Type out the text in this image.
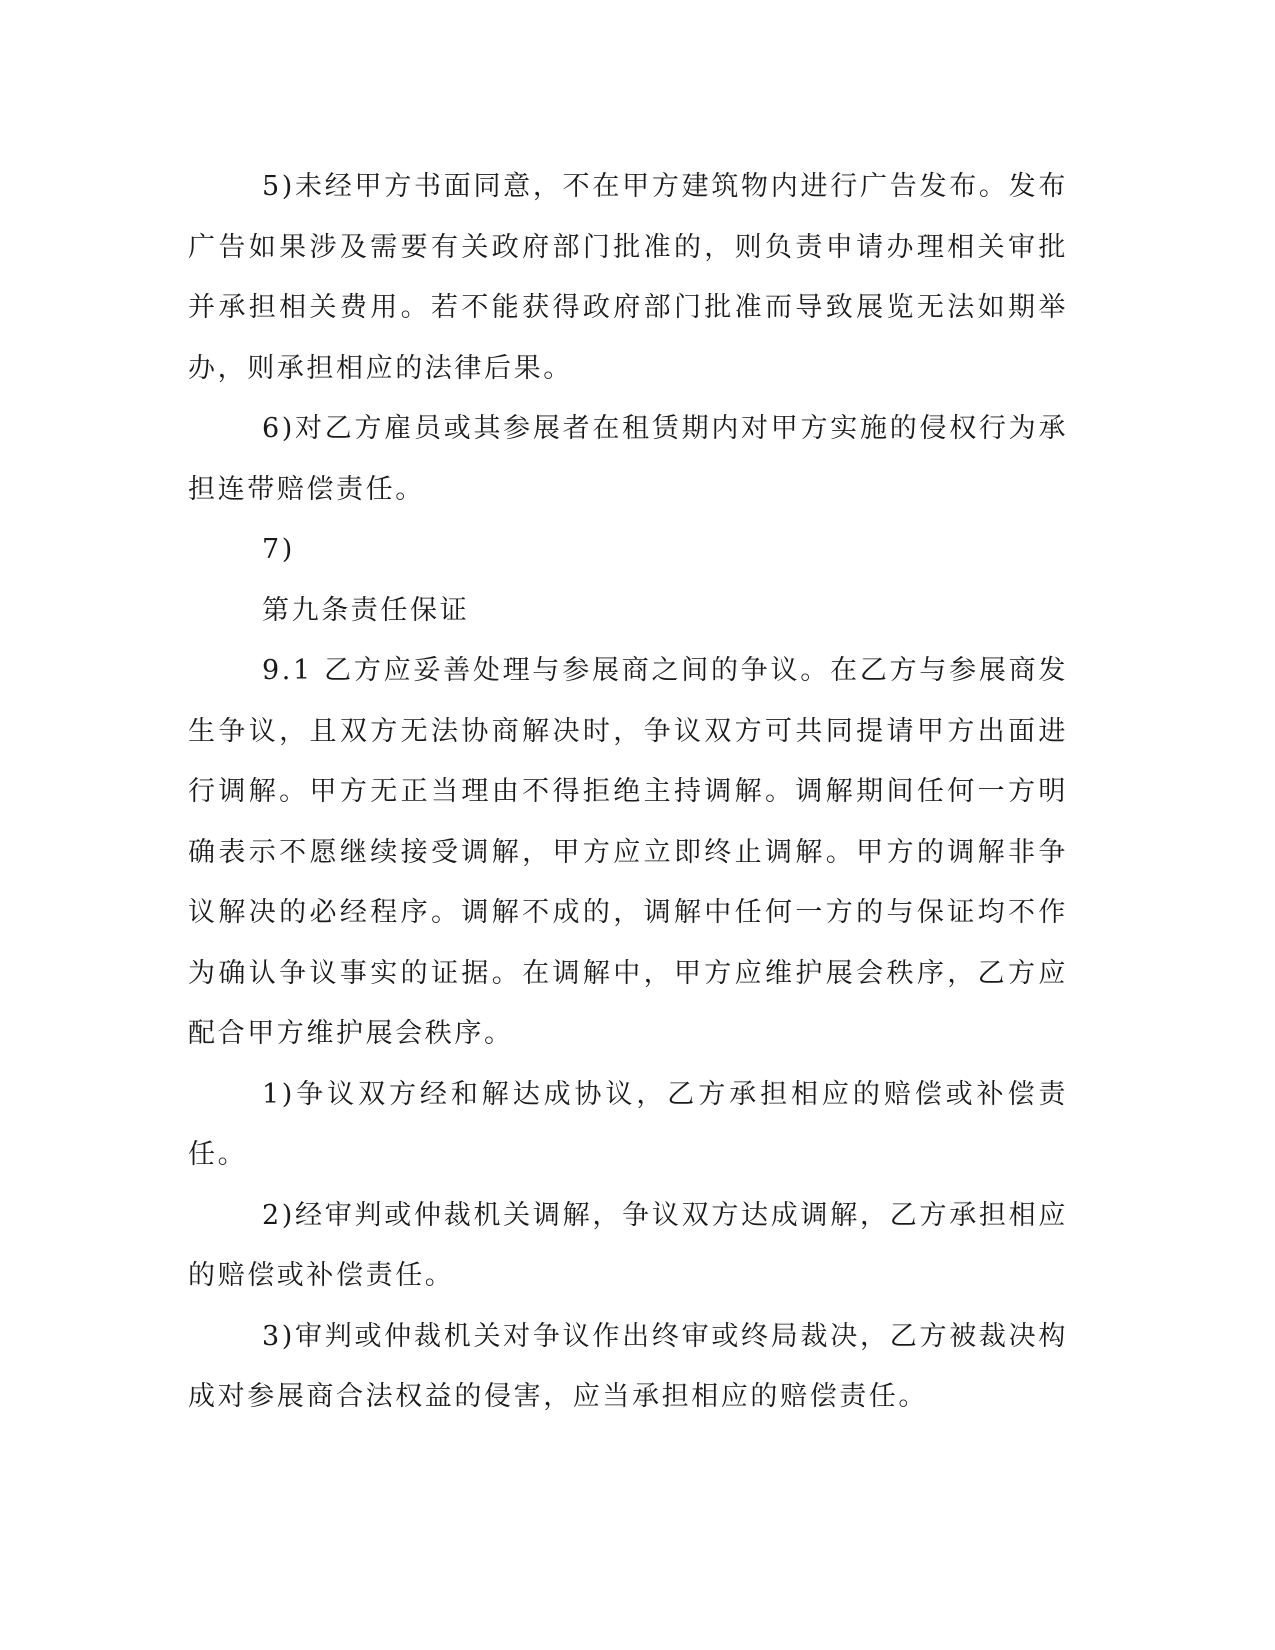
5)未经甲方书面同意，不在甲方建筑物内进行广告发布。发布广告如果涉及需要有关政府部门批准的，则负责申请办理相关审批并承担相关费用。若不能获得政府部门批准而导致展览无法如期举办，则承担相应的法律后果。

6)对乙方雇员或其参展者在租赁期内对甲方实施的侵权行为承担连带赔偿责任。

7)

第九条责任保证

9.1 乙方应妥善处理与参展商之间的争议。在乙方与参展商发生争议，且双方无法协商解决时，争议双方可共同提请甲方出面进行调解。甲方无正当理由不得拒绝主持调解。调解期间任何一方明确表示不愿继续接受调解，甲方应立即终止调解。甲方的调解非争议解决的必经程序。调解不成的，调解中任何一方的与保证均不作为确认争议事实的证据。在调解中，甲方应维护展会秩序，乙方应配合甲方维护展会秩序。

1)争议双方经和解达成协议，乙方承担相应的赔偿或补偿责任。

2)经审判或仲裁机关调解，争议双方达成调解，乙方承担相应的赔偿或补偿责任。

3)审判或仲裁机关对争议作出终审或终局裁决，乙方被裁决构成对参展商合法权益的侵害，应当承担相应的赔偿责任。
